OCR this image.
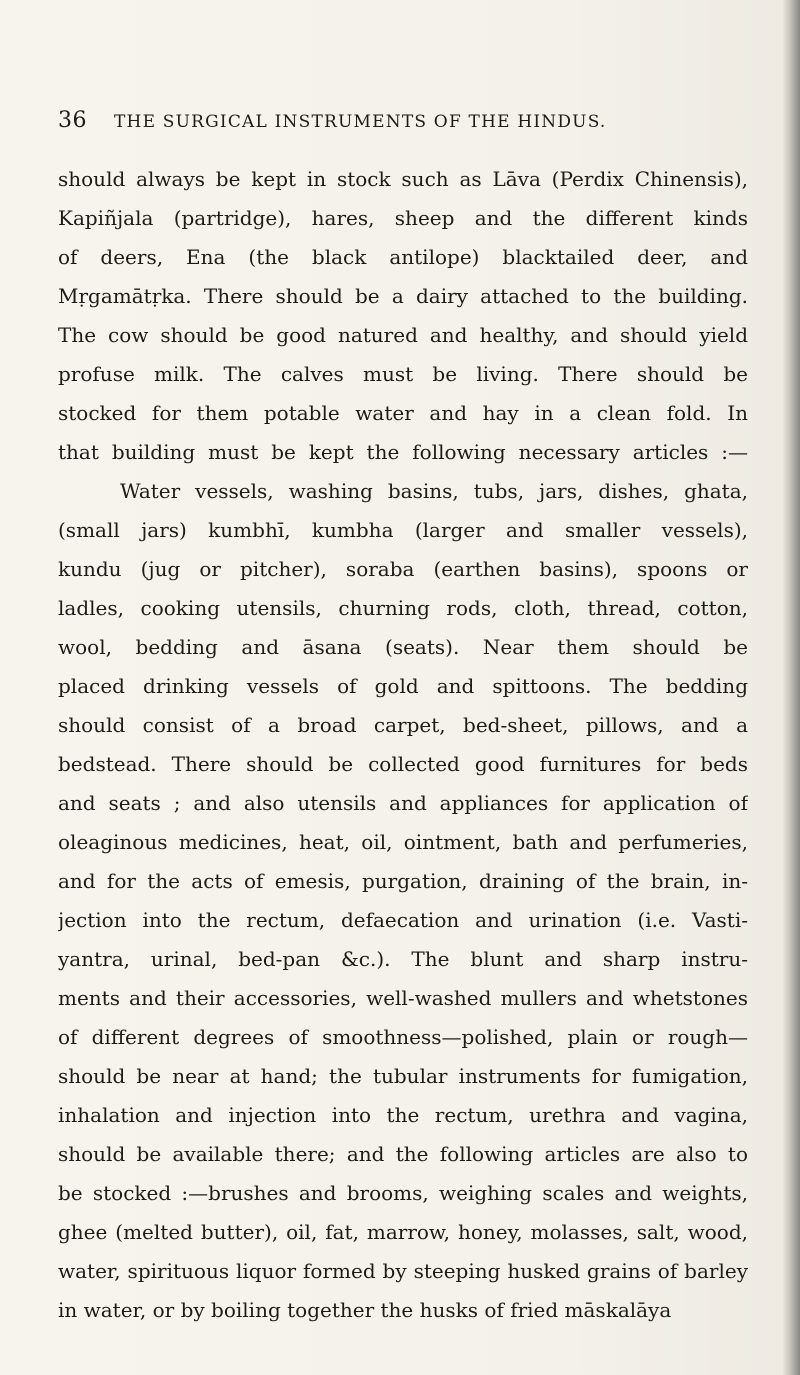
36 THE SURGICAL INSTRUMENTS OF THE HINDUS.
should always be kept in stock such as Lāva (Perdix Chinensis),
Kapiñjala (partridge), hares, sheep and the different kinds
of deers, Ena (the black antilope) blacktailed deer, and
Mṛgamātṛka. There should be a dairy attached to the building.
The cow should be good natured and healthy, and should yield
profuse milk. The calves must be living. There should be
stocked for them potable water and hay in a clean fold. In
that building must be kept the following necessary articles :—
Water vessels, washing basins, tubs, jars, dishes, ghata,
(small jars) kumbhī, kumbha (larger and smaller vessels),
kundu (jug or pitcher), soraba (earthen basins), spoons or
ladles, cooking utensils, churning rods, cloth, thread, cotton,
wool, bedding and āsana (seats). Near them should be
placed drinking vessels of gold and spittoons. The bedding
should consist of a broad carpet, bed-sheet, pillows, and a
bedstead. There should be collected good furnitures for beds
and seats ; and also utensils and appliances for application of
oleaginous medicines, heat, oil, ointment, bath and perfumeries,
and for the acts of emesis, purgation, draining of the brain, in-
jection into the rectum, defaecation and urination (i.e. Vasti-
yantra, urinal, bed-pan &c.). The blunt and sharp instru-
ments and their accessories, well-washed mullers and whetstones
of different degrees of smoothness—polished, plain or rough—
should be near at hand; the tubular instruments for fumigation,
inhalation and injection into the rectum, urethra and vagina,
should be available there; and the following articles are also to
be stocked :—brushes and brooms, weighing scales and weights,
ghee (melted butter), oil, fat, marrow, honey, molasses, salt, wood,
water, spirituous liquor formed by steeping husked grains of barley
in water, or by boiling together the husks of fried māskalāya
